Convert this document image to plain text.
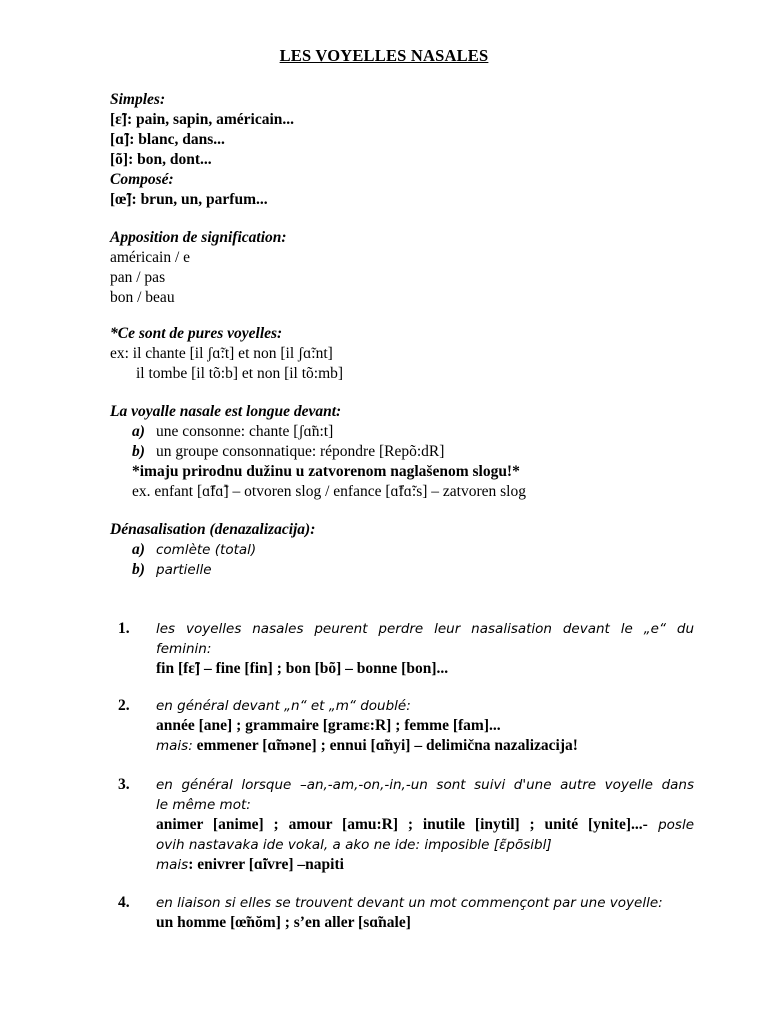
LES VOYELLES NASALES
Simples:
[ɛ̃]: pain, sapin, américain...
[ɑ̃]: blanc, dans...
[õ]: bon, dont...
Composé:
[œ̃]: brun, un, parfum...
Apposition de signification:
américain / e
pan / pas
bon / beau
*Ce sont de pures voyelles:
ex: il chante [il ʃɑ̃:t] et non [il ʃɑ̃:nt]
il tombe [il tõ:b] et non [il tõ:mb]
La voyalle nasale est longue devant:
a) une consonne: chante [ʃɑ̃n:t]
b) un groupe consonnatique: répondre [Repõ:dR]
*imaju prirodnu dužinu u zatvorenom naglašenom slogu!*
ex. enfant [ɑ̃fɑ̃] – otvoren slog / enfance [ɑ̃fɑ̃:s] – zatvoren slog
Dénasalisation (denazalizacija):
a) comlète (total)
b) partielle
1.	les voyelles nasales peurent perdre leur nasalisation devant le „e“ du
feminin:
fin [fɛ̃] – fine [fin] ; bon [bõ] – bonne [bon]...
2.	en général devant „n“ et „m“ doublé:
année [ane] ; grammaire [gramɛ:R] ; femme [fam]...
mais: emmener [ɑ̃məne] ; ennui [ɑ̃nyi] – delimična nazalizacija!
3.	en général lorsque –an,-am,-on,-in,-un sont suivi d'une autre voyelle dans
le même mot:
animer [anime] ; amour [amu:R] ; inutile [inytil] ; unité [ynite]...- posle
ovih nastavaka ide vokal, a ako ne ide: imposible [ɛ̃põsibl]
mais: enivrer [ɑ̃ivre] –napiti
4.	en liaison si elles se trouvent devant un mot commençont par une voyelle:
un homme [œ̃nŏm] ; s’en aller [sɑ̃nale]
